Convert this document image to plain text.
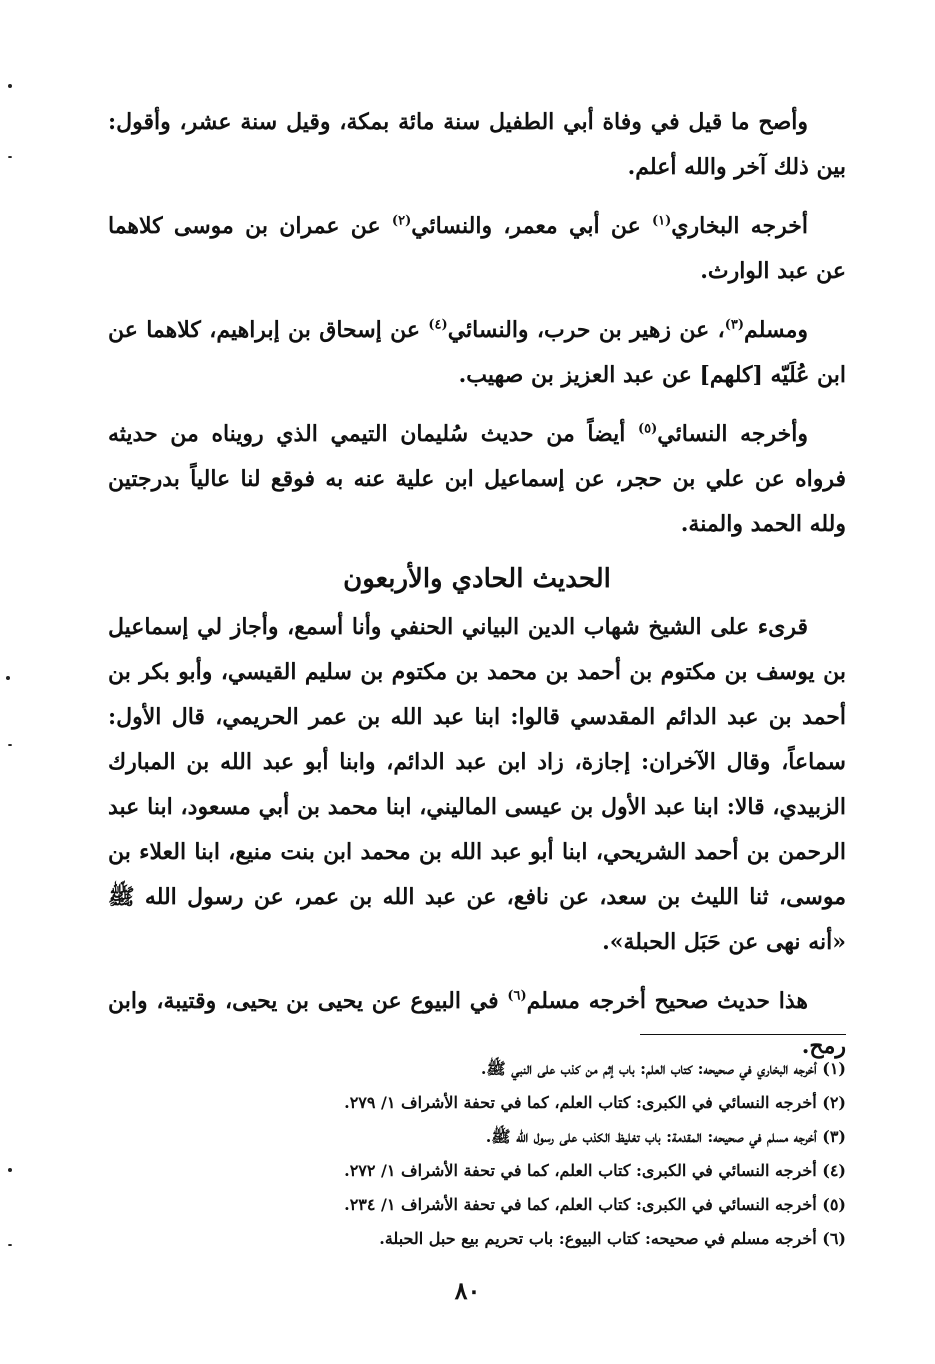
وأصح ما قيل في وفاة أبي الطفيل سنة مائة بمكة، وقيل سنة عشر، وأقول: بين ذلك آخر والله أعلم.

أخرجه البخاري$^{(١)}$ عن أبي معمر، والنسائي$^{(٢)}$ عن عمران بن موسى كلاهما عن عبد الوارث.

ومسلم$^{(٣)}$، عن زهير بن حرب، والنسائي$^{(٤)}$ عن إسحاق بن إبراهيم، كلاهما عن ابن عُلَيّه [كلهم] عن عبد العزيز بن صهيب.

وأخرجه النسائي$^{(٥)}$ أيضاً من حديث سُليمان التيمي الذي رويناه من حديثه فرواه عن علي بن حجر، عن إسماعيل ابن علية عنه به فوقع لنا عالياً بدرجتين ولله الحمد والمنة.

الحديث الحادي والأربعون

قرىء على الشيخ شهاب الدين البياني الحنفي وأنا أسمع، وأجاز لي إسماعيل بن يوسف بن مكتوم بن أحمد بن محمد بن مكتوم بن سليم القيسي، وأبو بكر بن أحمد بن عبد الدائم المقدسي قالوا: ابنا عبد الله بن عمر الحريمي، قال الأول: سماعاً، وقال الآخران: إجازة، زاد ابن عبد الدائم، وابنا أبو عبد الله بن المبارك الزبيدي، قالا: ابنا عبد الأول بن عيسى الماليني، ابنا محمد بن أبي مسعود، ابنا عبد الرحمن بن أحمد الشريحي، ابنا أبو عبد الله بن محمد ابن بنت منيع، ابنا العلاء بن موسى، ثنا الليث بن سعد، عن نافع، عن عبد الله بن عمر، عن رسول الله ﷺ «أنه نهى عن حَبَل الحبلة».

هذا حديث صحيح أخرجه مسلم$^{(٦)}$ في البيوع عن يحيى بن يحيى، وقتيبة، وابن رمح.

(١) أخرجه البخاري في صحيحه: كتاب العلم: باب إثم من كذب على النبي ﷺ.
(٢) أخرجه النسائي في الكبرى: كتاب العلم، كما في تحفة الأشراف ١/ ٢٧٩.
(٣) أخرجه مسلم في صحيحه: المقدمة: باب تغليظ الكذب على رسول الله ﷺ.
(٤) أخرجه النسائي في الكبرى: كتاب العلم، كما في تحفة الأشراف ١/ ٢٧٢.
(٥) أخرجه النسائي في الكبرى: كتاب العلم، كما في تحفة الأشراف ١/ ٢٣٤.
(٦) أخرجه مسلم في صحيحه: كتاب البيوع: باب تحريم بيع حبل الحبلة.
٨٠
